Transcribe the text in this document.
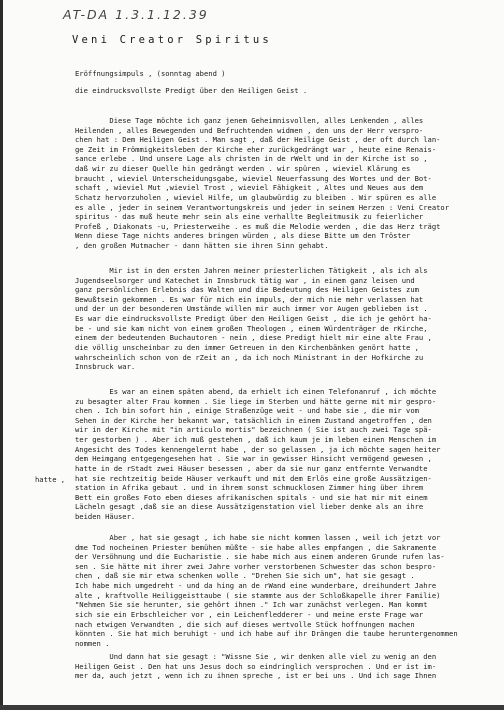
AT-DA 1.3.1.12.39
Veni Creator Spiritus
Eröffnungsimpuls , (sonntag abend )
die eindrucksvollste Predigt über den Heiligen Geist .
hatte ,
Diese Tage möchte ich ganz jenem Geheimnisvollen, alles Lenkenden , alles
Heilenden , alles Bewegenden und Befruchtenden widmen , den uns der Herr verspro-
chen hat : Dem Heiligen Geist . Man sagt , daß der Heilige Geist , der oft durch lan-
ge Zeit im Frömmigkeitsleben der Kirche eher zurückgedrängt war , heute eine Renais-
sance erlebe . Und unsere Lage als christen in de rWelt und in der Kirche ist so ,
daß wir zu dieser Quelle hin gedrängt werden . wir spüren , wieviel Klärung es
braucht , wieviel Unterscheidungsgabe, wieviel Neuerfassung des Wortes und der Bot-
schaft , wieviel Mut ,wieviel Trost , wieviel Fähigkeit , Altes und Neues aus dem
Schatz hervorzuholen , wieviel Hilfe, um glaubwürdig zu bleiben . Wir spüren es alle
es alle , jeder in seinem Verantwortungskreis und jeder in seinem Herzen : Veni Creator
spiritus - das muß heute mehr sein als eine verhallte Begleitmusik zu feierlicher
Profeß , Diakonats -u, Priesterweihe . es muß die Melodie werden , die das Herz trägt
Wenn diese Tage nichts anderes bringen würden , als diese Bitte um den Tröster
, den großen Mutmacher - dann hätten sie ihren Sinn gehabt.
Mir ist in den ersten Jahren meiner priesterlichen Tätigkeit , als ich als
Jugendseelsorger und Katechet in Innsbruck tätig war , in einem ganz leisen und
ganz persönlichen Erlebnis das Walten und die Bedeutung des Heiligen Geistes zum
Bewußtsein gekommen . Es war für mich ein impuls, der mich nie mehr verlassen hat
und der un der besonderen Umstände willen mir auch immer vor Augen geblieben ist .
Es war die eindrucksvollste Predigt über den Heiligen Geist , die ich je gehört ha-
be - und sie kam nicht von einem großen Theologen , einem Würdenträger de rKirche,
einem der bedeutenden Buchautoren - nein , diese Predigt hielt mir eine alte Frau ,
die völlig unscheinbar zu den immer Getreuen in den Kirchenbänken genört hatte ,
wahrscheinlich schon von de rZeit an , da ich noch Ministrant in der Hofkirche zu
Innsbruck war.
Es war an einem späten abend, da erhielt ich einen Telefonanruf , ich möchte
zu besagter alter Frau kommen . Sie liege im Sterben und hätte gerne mit mir gespro-
chen . Ich bin sofort hin , einige Straßenzüge weit - und habe sie , die mir vom
Sehen in der Kirche her bekannt war, tatsächlich in einem Zustand angetroffen , den
wir in der Kirche mit "in articulo mortis" bezeichnen ( Sie ist auch zwei Tage spä-
ter gestorben ) . Aber ich muß gestehen , daß ich kaum je im leben einen Menschen im
Angesicht des Todes kennengelernt habe , der so gelassen , ja ich möchte sagen heiter
dem Heimgang entgegengesehen hat . Sie war in gewisser Hinsicht vermögend gewesen ,
hatte in de rStadt zwei Häuser besessen , aber da sie nur ganz entfernte Verwandte
hat sie rechtzeitig beide Häuser verkauft und mit dem Erlös eine große Aussätzigen-
station in Afrika gebaut . und in ihrem sonst schmucklosen Zimmer hing über ihrem
Bett ein großes Foto eben dieses afrikanischen spitals - und sie hat mir mit einem
Lächeln gesagt ,daß sie an diese Aussätzigenstation viel lieber denke als an ihre
beiden Häuser.
Aber , hat sie gesagt , ich habe sie nicht kommen lassen , weil ich jetzt vor
dme Tod nocheinen Priester bemühen müßte - sie habe alles empfangen , die Sakramente
der Versöhnung und die Eucharistie . sie habe mich aus einem anderen Grunde rufen las-
sen . Sie hätte mit ihrer zwei Jahre vorher verstorbenen Schwester das schon bespro-
chen , daß sie mir etwa schenken wolle . "Drehen Sie sich um", hat sie gesagt .
Ich habe mich umgedreht - und da hing an de rWand eine wunderbare, dreihundert Jahre
alte , kraftvolle Heiliggeisttaube ( sie stammte aus der Schloßkapelle ihrer Familie)
"Nehmen Sie sie herunter, sie gehört ihnen ." Ich war zunächst verlegen. Man kommt
sich sie ein Erbschleicher vor , ein Leichenfledderer - und meine erste Frage war
nach etwigen Verwandten , die sich auf dieses wertvolle Stück hoffnungen machen
könnten . Sie hat mich beruhigt - und ich habe auf ihr Drängen die taube heruntergenommen
nommen .
Und dann hat sie gesagt : "Wissne Sie , wir denken alle viel zu wenig an den
Heiligen Geist . Den hat uns Jesus doch so eindringlich versprochen . Und er ist im-
mer da, auch jetzt , wenn ich zu ihnen spreche , ist er bei uns . Und ich sage Ihnen
